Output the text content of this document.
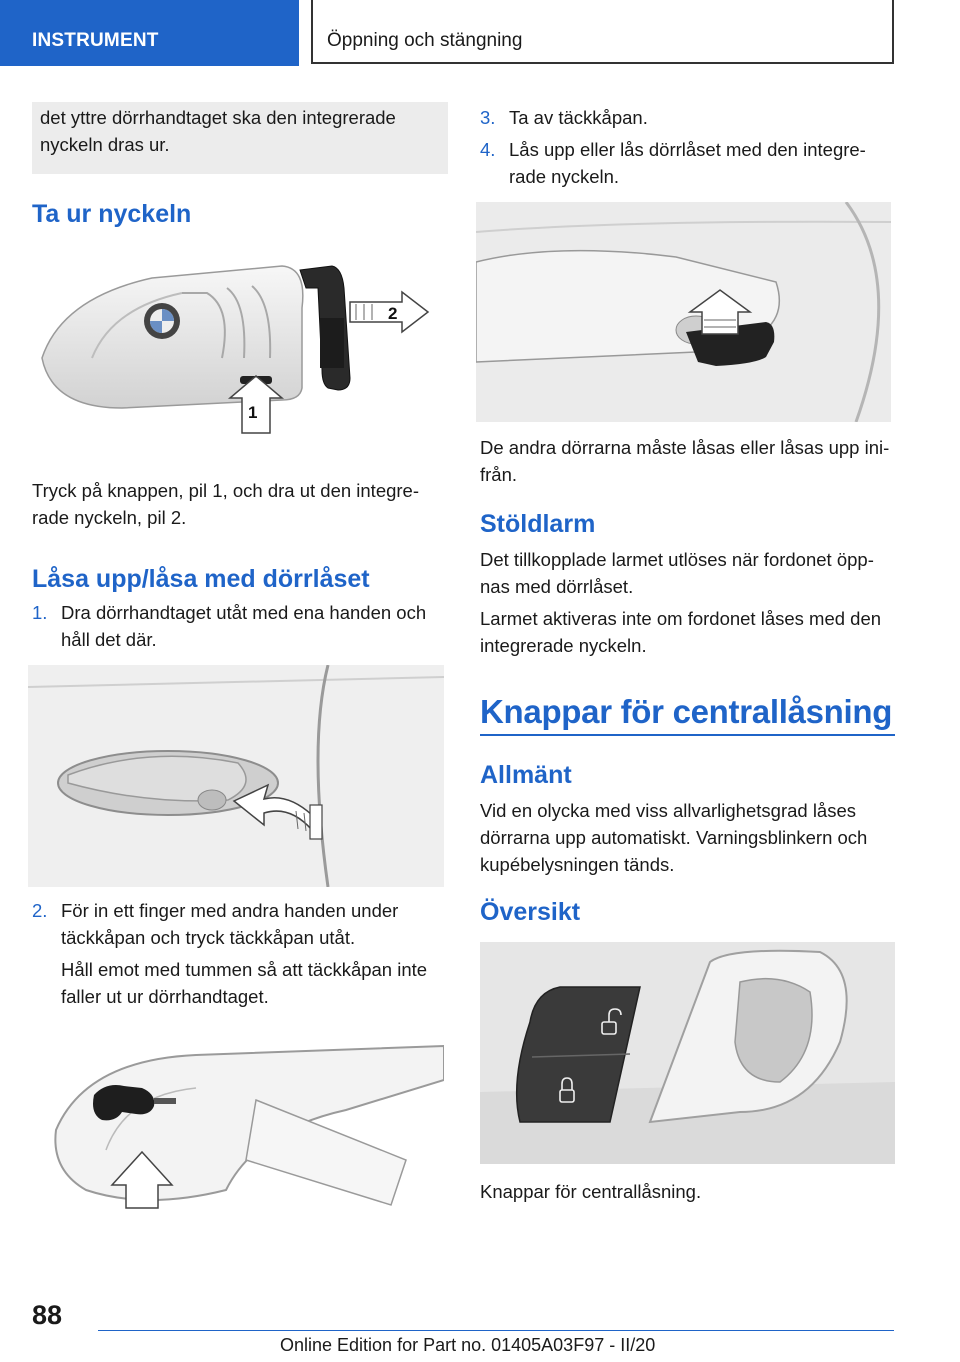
INSTRUMENT	Öppning och stängning

det yttre dörrhandtaget ska den integrerade

nyckeln dras ur.

Ta ur nyckeln
2
1

Tryck på knappen, pil 1, och dra ut den integre-

rade nyckeln, pil 2.

Låsa upp/låsa med dörrlåset
1. Dra dörrhandtaget utåt med ena handen och

håll det där.

2. För in ett finger med andra handen under

täckkåpan och tryck täckkåpan utåt.

Håll emot med tummen så att täckkåpan inte

faller ut ur dörrhandtaget.

3. Ta av täckkåpan.

4. Lås upp eller lås dörrlåset med den integre-

rade nyckeln.

De andra dörrarna måste låsas eller låsas upp ini-

från.

Stöldlarm

Det tillkopplade larmet utlöses när fordonet öpp-

nas med dörrlåset.

Larmet aktiveras inte om fordonet låses med den

integrerade nyckeln.

Knappar för centrallåsning
Allmänt

Vid en olycka med viss allvarlighetsgrad låses

dörrarna upp automatiskt. Varningsblinkern och

kupébelysningen tänds.

Översikt

Knappar för centrallåsning.

88
Online Edition for Part no. 01405A03F97 - II/20
